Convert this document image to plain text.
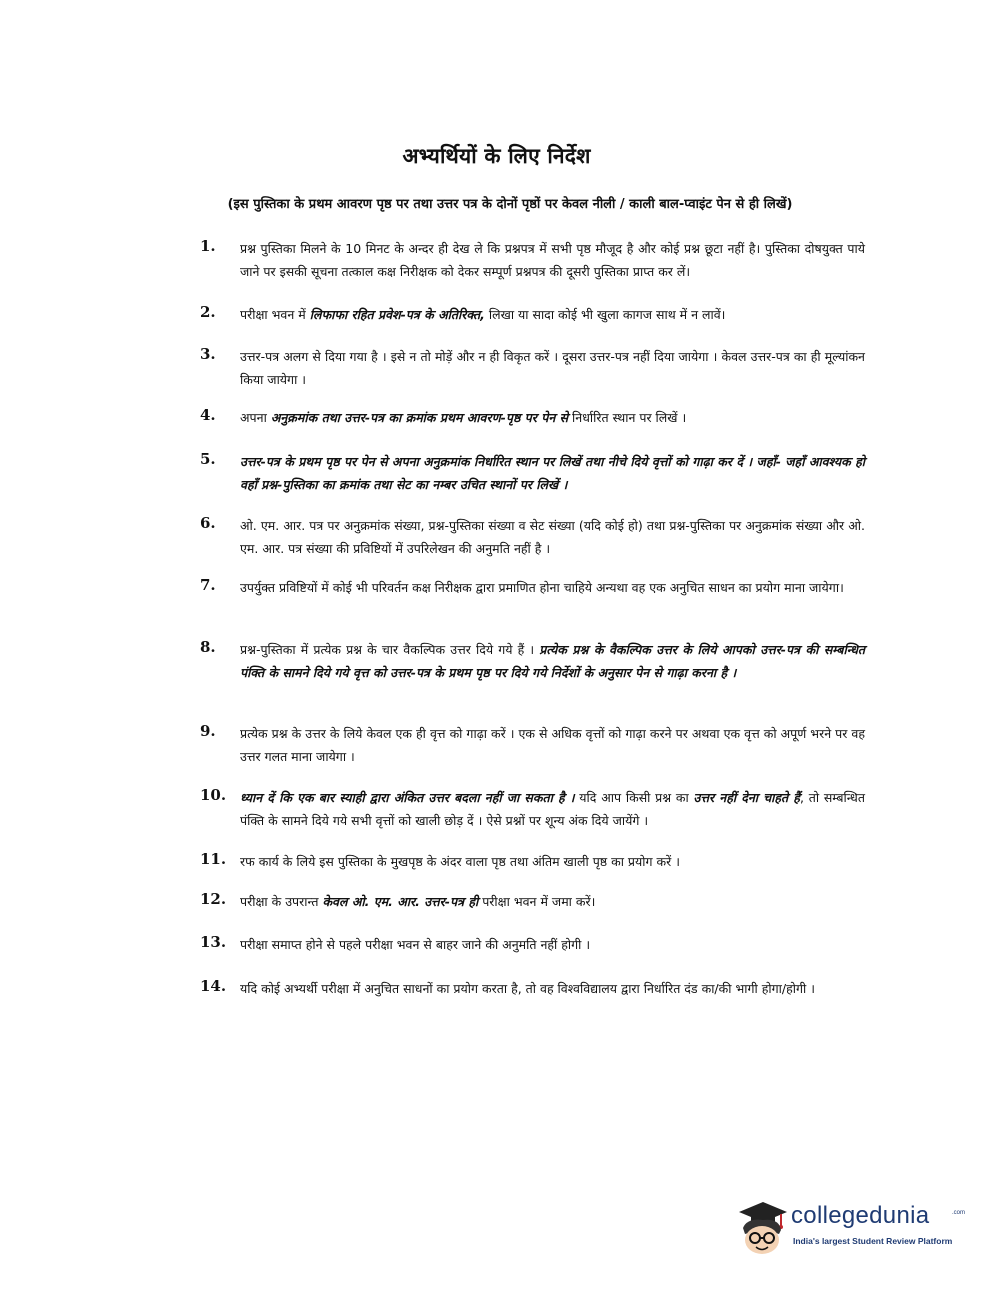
अभ्यर्थियों के लिए निर्देश
(इस पुस्तिका के प्रथम आवरण पृष्ठ पर तथा उत्तर पत्र के दोनों पृष्ठों पर केवल नीली / काली बाल-प्वाइंट पेन से ही लिखें)
1.	प्रश्न पुस्तिका मिलने के 10 मिनट के अन्दर ही देख ले कि प्रश्नपत्र में सभी पृष्ठ मौजूद है और कोई प्रश्न छूटा नहीं है। पुस्तिका दोषयुक्त पाये जाने पर इसकी सूचना तत्काल कक्ष निरीक्षक को देकर सम्पूर्ण प्रश्नपत्र की दूसरी पुस्तिका प्राप्त कर लें।
2.	परीक्षा भवन में लिफाफा रहित प्रवेश-पत्र के अतिरिक्त, लिखा या सादा कोई भी खुला कागज साथ में न लावें।
3.	उत्तर-पत्र अलग से दिया गया है । इसे न तो मोड़ें और न ही विकृत करें । दूसरा उत्तर-पत्र नहीं दिया जायेगा । केवल उत्तर-पत्र का ही मूल्यांकन किया जायेगा ।
4.	अपना अनुक्रमांक तथा उत्तर-पत्र का क्रमांक प्रथम आवरण-पृष्ठ पर पेन से निर्धारित स्थान पर लिखें ।
5.	उत्तर-पत्र के प्रथम पृष्ठ पर पेन से अपना अनुक्रमांक निर्धारित स्थान पर लिखें तथा नीचे दिये वृत्तों को गाढ़ा कर दें । जहाँ- जहाँ आवश्यक हो वहाँ प्रश्न-पुस्तिका का क्रमांक तथा सेट का नम्बर उचित स्थानों पर लिखें ।
6.	ओ. एम. आर. पत्र पर अनुक्रमांक संख्या, प्रश्न-पुस्तिका संख्या व सेट संख्या (यदि कोई हो) तथा प्रश्न-पुस्तिका पर अनुक्रमांक संख्या और ओ. एम. आर. पत्र संख्या की प्रविष्टियों में उपरिलेखन की अनुमति नहीं है ।
7.	उपर्युक्त प्रविष्टियों में कोई भी परिवर्तन कक्ष निरीक्षक द्वारा प्रमाणित होना चाहिये अन्यथा वह एक अनुचित साधन का प्रयोग माना जायेगा।
8.	प्रश्न-पुस्तिका में प्रत्येक प्रश्न के चार वैकल्पिक उत्तर दिये गये हैं । प्रत्येक प्रश्न के वैकल्पिक उत्तर के लिये आपको उत्तर-पत्र की सम्बन्धित पंक्ति के सामने दिये गये वृत्त को उत्तर-पत्र के प्रथम पृष्ठ पर दिये गये निर्देशों के अनुसार पेन से गाढ़ा करना है ।
9.	प्रत्येक प्रश्न के उत्तर के लिये केवल एक ही वृत्त को गाढ़ा करें । एक से अधिक वृत्तों को गाढ़ा करने पर अथवा एक वृत्त को अपूर्ण भरने पर वह उत्तर गलत माना जायेगा ।
10.	ध्यान दें कि एक बार स्याही द्वारा अंकित उत्तर बदला नहीं जा सकता है । यदि आप किसी प्रश्न का उत्तर नहीं देना चाहते हैं, तो सम्बन्धित पंक्ति के सामने दिये गये सभी वृत्तों को खाली छोड़ दें । ऐसे प्रश्नों पर शून्य अंक दिये जायेंगे ।
11.	रफ कार्य के लिये इस पुस्तिका के मुखपृष्ठ के अंदर वाला पृष्ठ तथा अंतिम खाली पृष्ठ का प्रयोग करें ।
12.	परीक्षा के उपरान्त केवल ओ. एम. आर. उत्तर-पत्र ही परीक्षा भवन में जमा करें।
13.	परीक्षा समाप्त होने से पहले परीक्षा भवन से बाहर जाने की अनुमति नहीं होगी ।
14.	यदि कोई अभ्यर्थी परीक्षा में अनुचित साधनों का प्रयोग करता है, तो वह विश्वविद्यालय द्वारा निर्धारित दंड का/की भागी होगा/होगी ।
collegedunia	.com
India's largest Student Review Platform
